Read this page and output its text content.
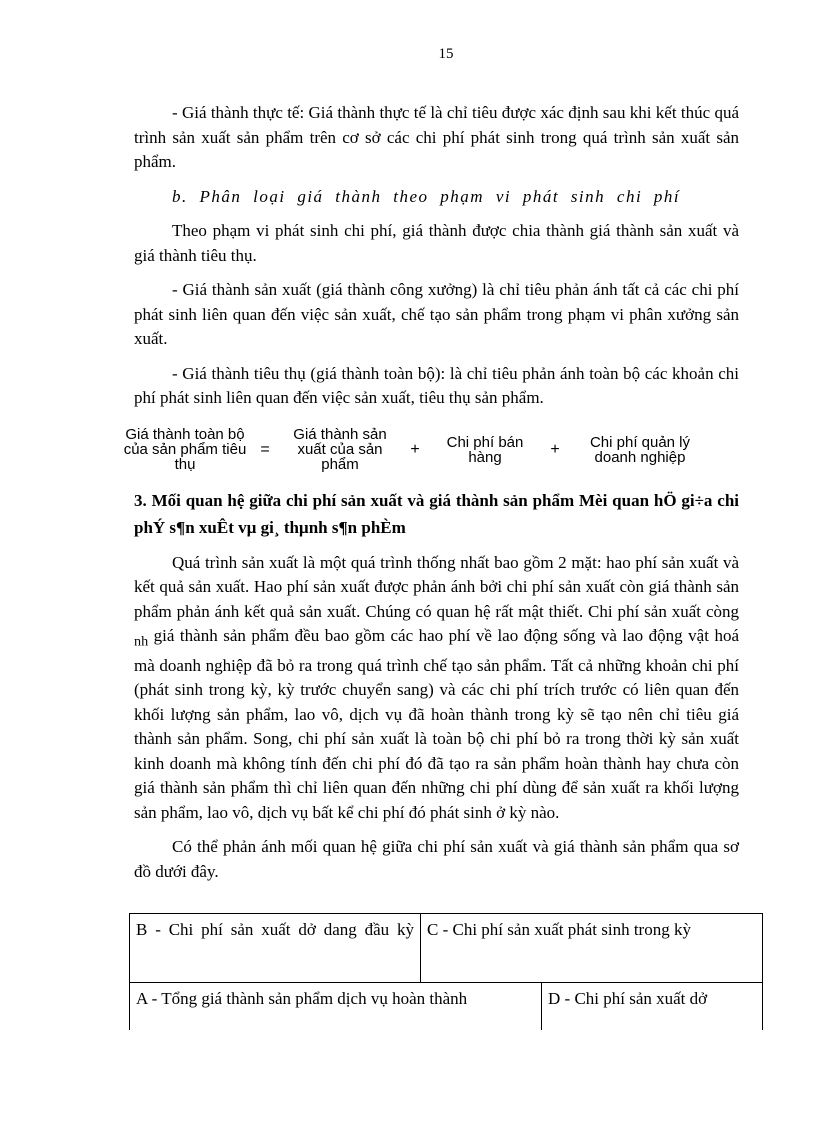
15

- Giá thành thực tế: Giá thành thực tế là chỉ tiêu được xác định sau khi kết thúc quá trình sản xuất sản phẩm trên cơ sở các chi phí phát sinh trong quá trình sản xuất sản phẩm.

b. Phân loại giá thành theo phạm vi phát sinh chi phí

Theo phạm vi phát sinh chi phí, giá thành được chia thành giá thành sản xuất và giá thành tiêu thụ.

- Giá thành sản xuất (giá thành công xưởng) là chỉ tiêu phản ánh tất cả các chi phí phát sinh liên quan đến việc sản xuất, chế tạo sản phẩm trong phạm vi phân xưởng sản xuất.

- Giá thành tiêu thụ (giá thành toàn bộ): là chỉ tiêu phản ánh toàn bộ các khoản chi phí phát sinh liên quan đến việc sản xuất, tiêu thụ sản phẩm.

Giá thành toàn bộ của sản phẩm tiêu thụ
=
Giá thành sản xuất của sản phẩm
+	Chi phí bán hàng	+	Chi phí quản lý doanh nghiệp

3. Mối quan hệ giữa chi phí sản xuất và giá thành sản phẩm Mèi quan hÖ gi÷a chi phÝ s¶n xuÊt vµ gi¸ thµnh s¶n phÈm

Quá trình sản xuất là một quá trình thống nhất bao gồm 2 mặt: hao phí sản xuất và kết quả sản xuất. Hao phí sản xuất được phản ánh bởi chi phí sản xuất còn giá thành sản phẩm phản ánh kết quả sản xuất. Chúng có quan hệ rất mật thiết. Chi phí sản xuất còng $_{nh}$ giá thành sản phẩm đều bao gồm các hao phí về lao động sống và lao động vật hoá mà doanh nghiệp đã bỏ ra trong quá trình chế tạo sản phẩm. Tất cả những khoản chi phí (phát sinh trong kỳ, kỳ trước chuyển sang) và các chi phí trích trước có liên quan đến khối lượng sản phẩm, lao vô, dịch vụ đã hoàn thành trong kỳ sẽ tạo nên chỉ tiêu giá thành sản phẩm. Song, chi phí sản xuất là toàn bộ chi phí bỏ ra trong thời kỳ sản xuất kinh doanh mà không tính đến chi phí đó đã tạo ra sản phẩm hoàn thành hay chưa còn giá thành sản phẩm thì chỉ liên quan đến những chi phí dùng để sản xuất ra khối lượng sản phẩm, lao vô, dịch vụ bất kể chi phí đó phát sinh ở kỳ nào.

Có thể phản ánh mối quan hệ giữa chi phí sản xuất và giá thành sản phẩm qua sơ đồ dưới đây.

B - Chi phí sản xuất dở dang đầu kỳ C - Chi phí sản xuất phát sinh trong kỳ
A - Tổng giá thành sản phẩm dịch vụ hoàn thành	D - Chi phí sản xuất dở
